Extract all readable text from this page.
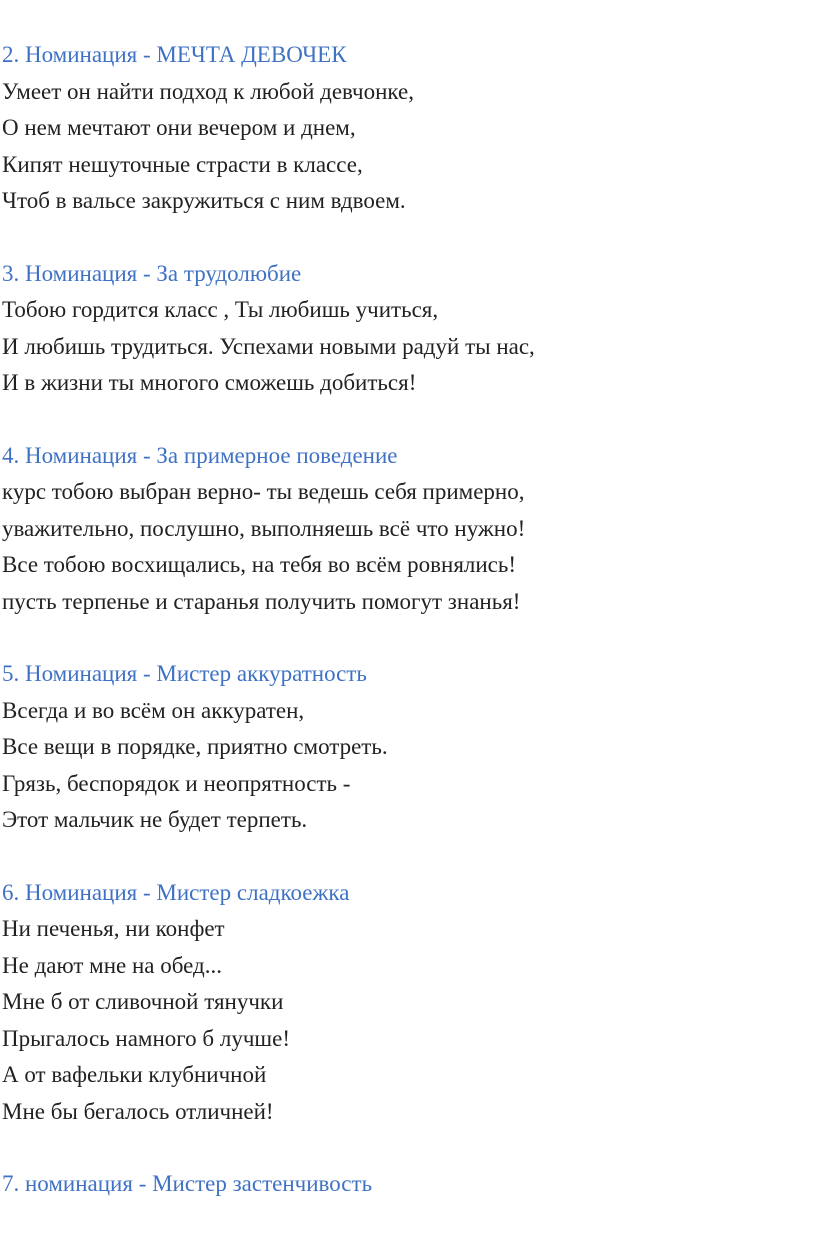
2. Номинация - МЕЧТА ДЕВОЧЕК
Умеет он найти подход к любой девчонке,
О нем мечтают они вечером и днем,
Кипят нешуточные страсти в классе,
Чтоб в вальсе закружиться с ним вдвоем.
3. Номинация - За трудолюбие
Тобою гордится класс , Ты любишь учиться,
И любишь трудиться. Успехами новыми радуй ты нас,
И в жизни ты многого сможешь добиться!
4. Номинация - За примерное поведение
курс тобою выбран верно- ты ведешь себя примерно,
уважительно, послушно, выполняешь всё что нужно!
Все тобою восхищались, на тебя во всём ровнялись!
пусть терпенье и старанья получить помогут знанья!
5. Номинация - Мистер аккуратность
Всегда и во всём он аккуратен,
Все вещи в порядке, приятно смотреть.
Грязь, беспорядок и неопрятность -
Этот мальчик не будет терпеть.
6. Номинация - Мистер сладкоежка
Ни печенья, ни конфет
Не дают мне на обед...
Мне б от сливочной тянучки
Прыгалось намного б лучше!
А от вафельки клубничной
Мне бы бегалось отличней!
7. номинация - Мистер застенчивость
